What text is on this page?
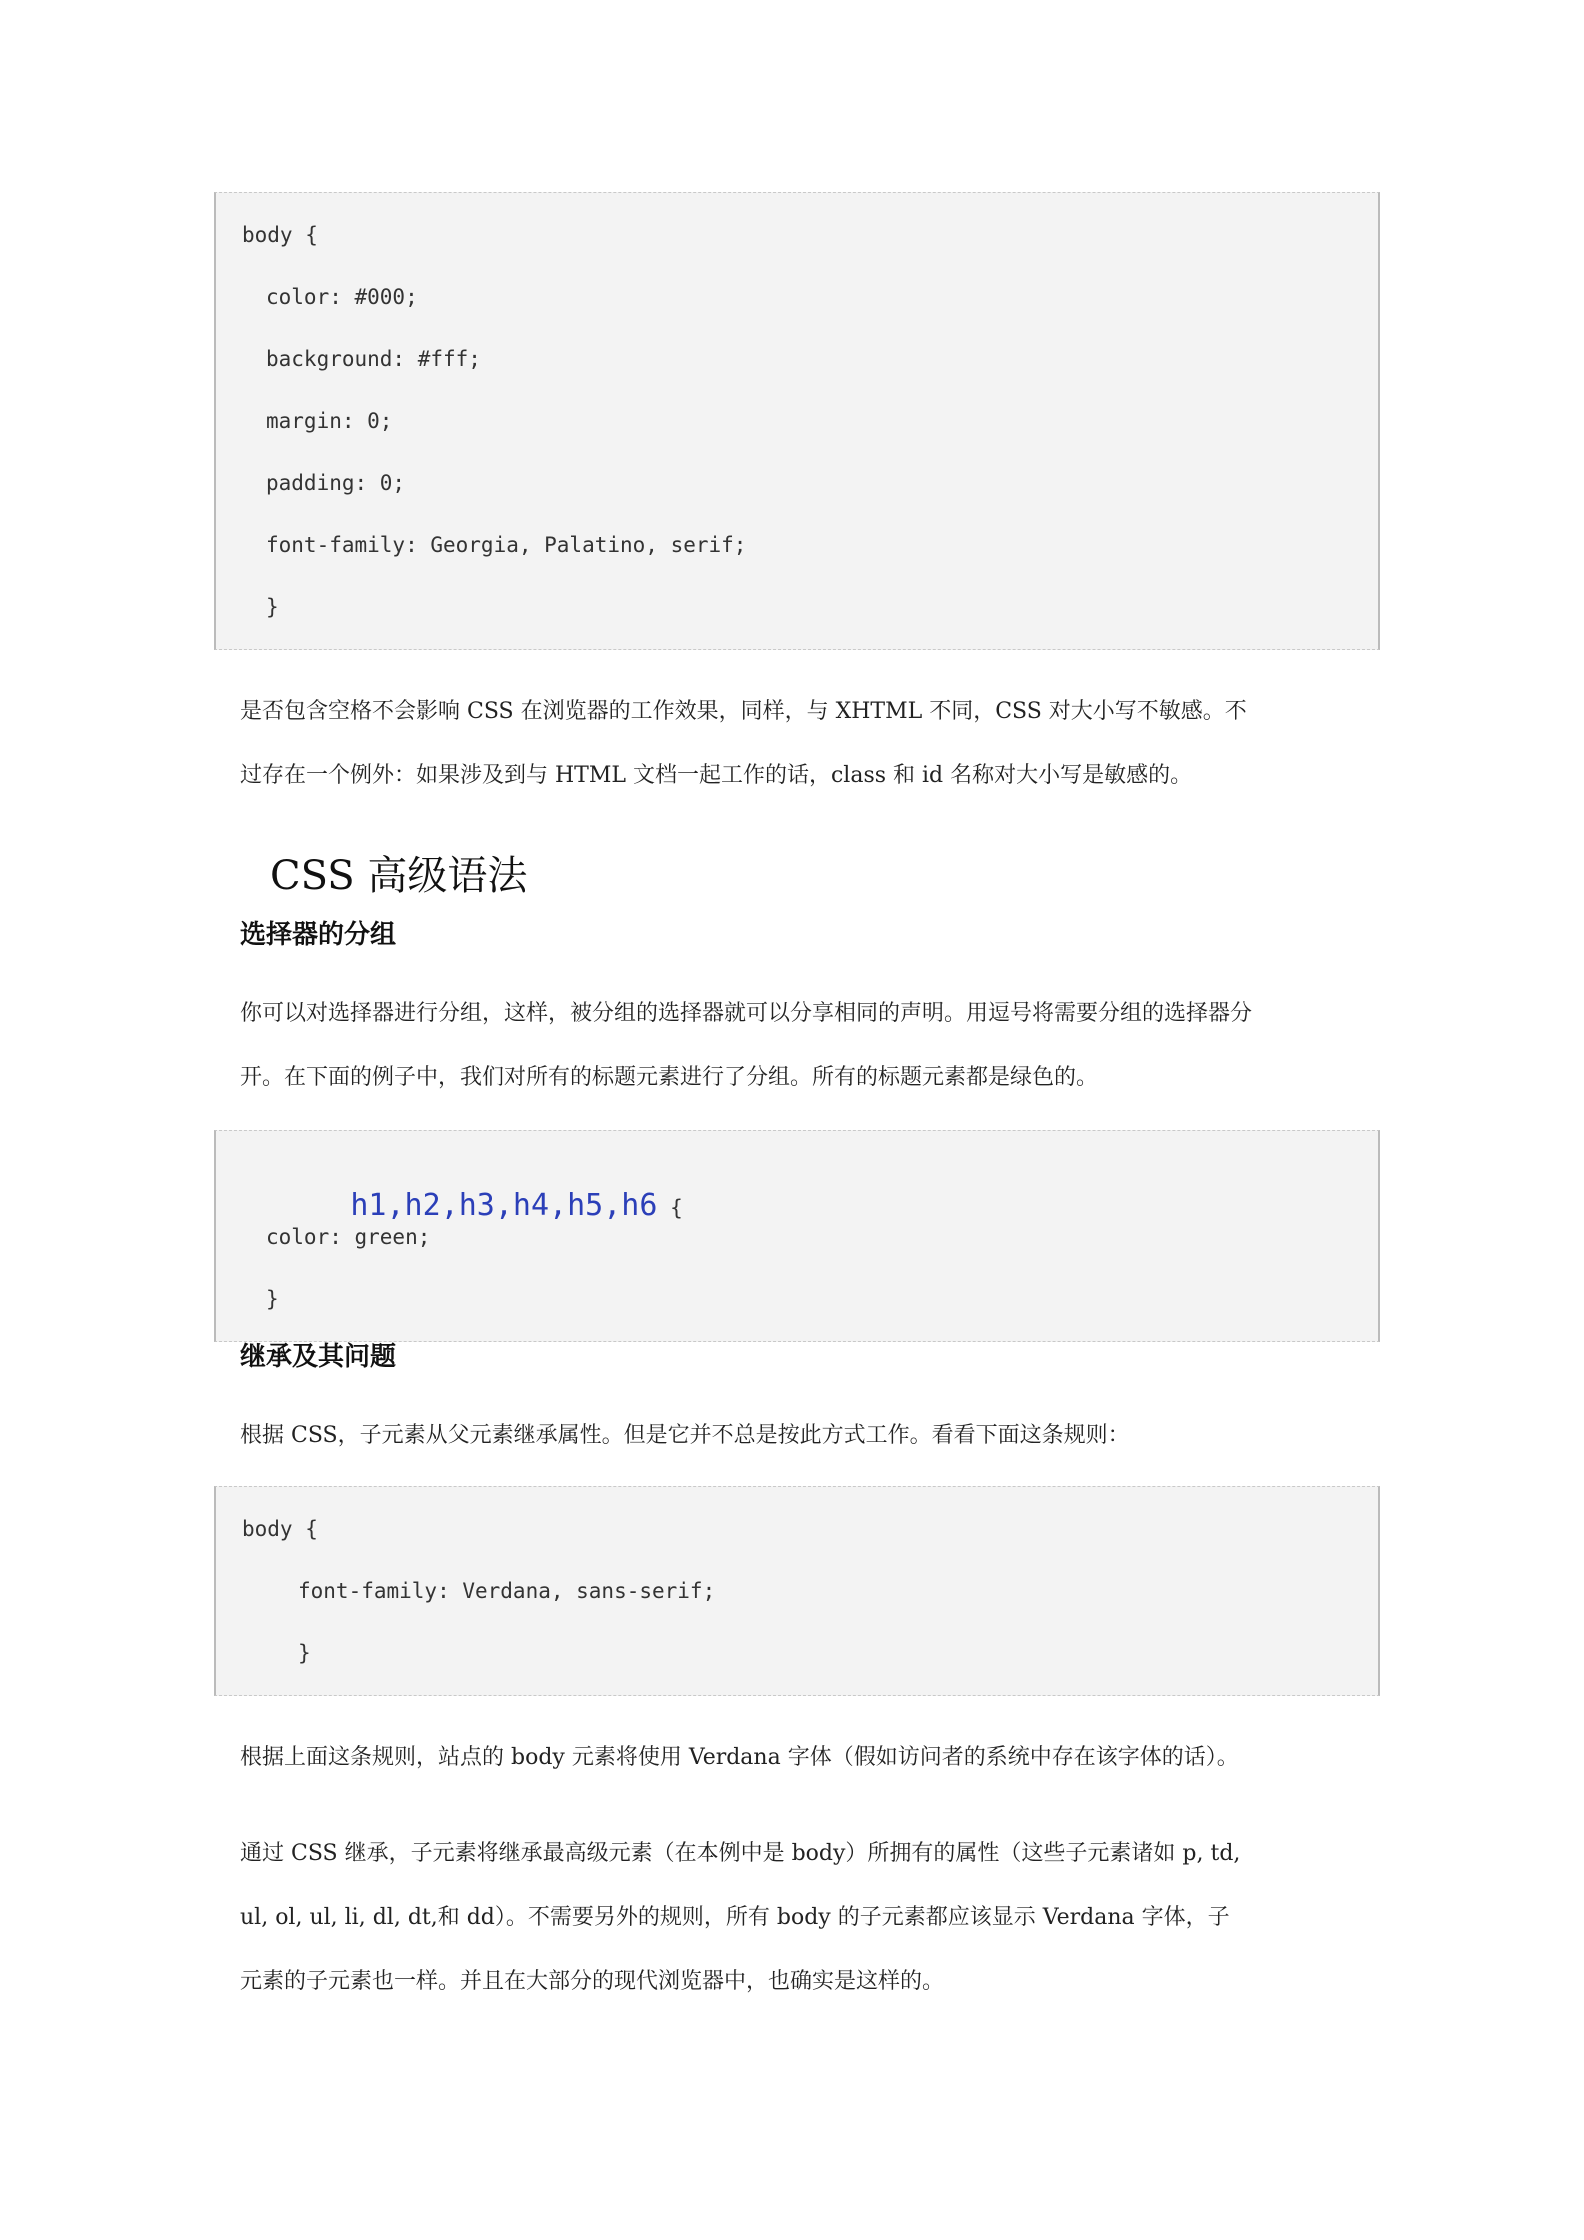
body {
color: #000;
background: #fff;
margin: 0;
padding: 0;
font-family: Georgia, Palatino, serif;
}
是否包含空格不会影响 CSS 在浏览器的工作效果，同样，与 XHTML 不同，CSS 对大小写不敏感。不
过存在一个例外：如果涉及到与 HTML 文档一起工作的话，class 和 id 名称对大小写是敏感的。
CSS 高级语法
选择器的分组
你可以对选择器进行分组，这样，被分组的选择器就可以分享相同的声明。用逗号将需要分组的选择器分
开。在下面的例子中，我们对所有的标题元素进行了分组。所有的标题元素都是绿色的。

h1,h2,h3,h4,h5,h6 {

color: green;
}
继承及其问题
根据 CSS，子元素从父元素继承属性。但是它并不总是按此方式工作。看看下面这条规则：
body {
font-family: Verdana, sans-serif;
}
根据上面这条规则，站点的 body 元素将使用 Verdana 字体（假如访问者的系统中存在该字体的话）。
通过 CSS 继承，子元素将继承最高级元素（在本例中是 body）所拥有的属性（这些子元素诸如 p, td,
ul, ol, ul, li, dl, dt,和 dd）。不需要另外的规则，所有 body 的子元素都应该显示 Verdana 字体，子
元素的子元素也一样。并且在大部分的现代浏览器中，也确实是这样的。
